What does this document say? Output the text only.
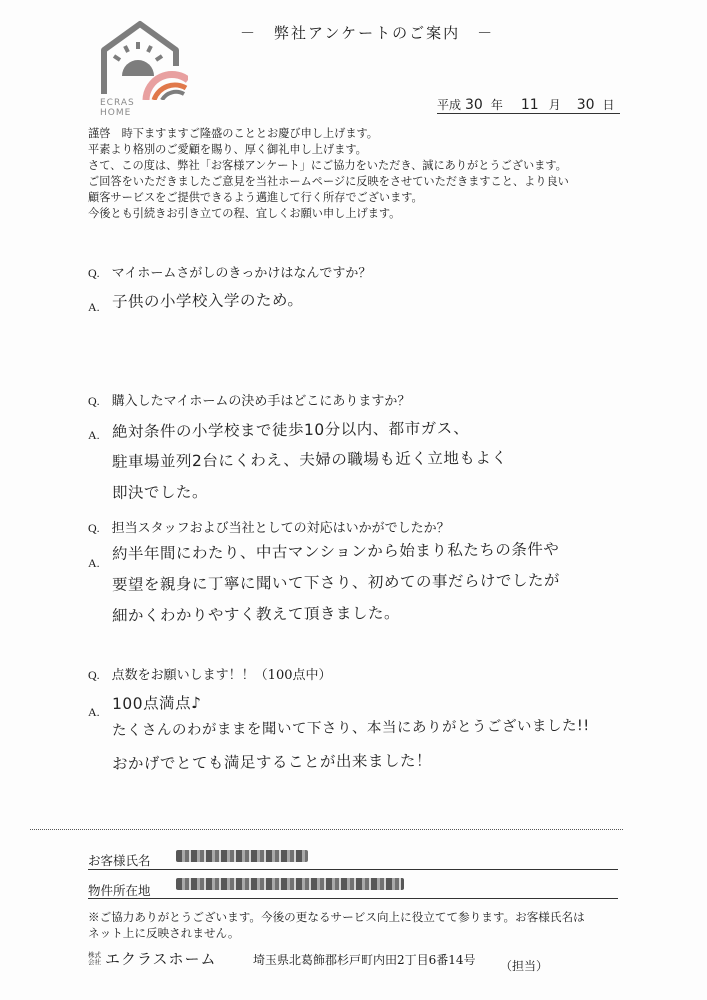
ECRAS
HOME
－　弊社アンケートのご案内　－
平成 30 年 11 月 30 日

謹啓　時下ますますご隆盛のこととお慶び申し上げます。

平素より格別のご愛顧を賜り、厚く御礼申し上げます。

さて、この度は、弊社「お客様アンケート」にご協力をいただき、誠にありがとうございます。

ご回答をいただきましたご意見を当社ホームページに反映をさせていただきますこと、より良い

顧客サービスをご提供できるよう邁進して行く所存でございます。

今後とも引続きお引き立ての程、宜しくお願い申し上げます。

Q. マイホームさがしのきっかけはなんですか？
A. 子供の小学校入学のため。
Q. 購入したマイホームの決め手はどこにありますか？
A. 絶対条件の小学校まで徒歩10分以内、都市ガス、
駐車場並列2台にくわえ、夫婦の職場も近く立地もよく
即決でした。
Q. 担当スタッフおよび当社としての対応はいかがでしたか？
A.
約半年間にわたり、中古マンションから始まり私たちの条件や
要望を親身に丁寧に聞いて下さり、初めての事だらけでしたが
細かくわかりやすく教えて頂きました。
Q. 点数をお願いします！！（100点中）
A. 100点満点♪
たくさんのわがままを聞いて下さり、本当にありがとうございました!!
おかげでとても満足することが出来ました！
お客様氏名
物件所在地

※ご協力ありがとうございます。今後の更なるサービス向上に役立てて参ります。お客様氏名は

ネット上に反映されません。

株式
会社 エクラスホーム	埼玉県北葛飾郡杉戸町内田2丁目6番14号 （担当）
